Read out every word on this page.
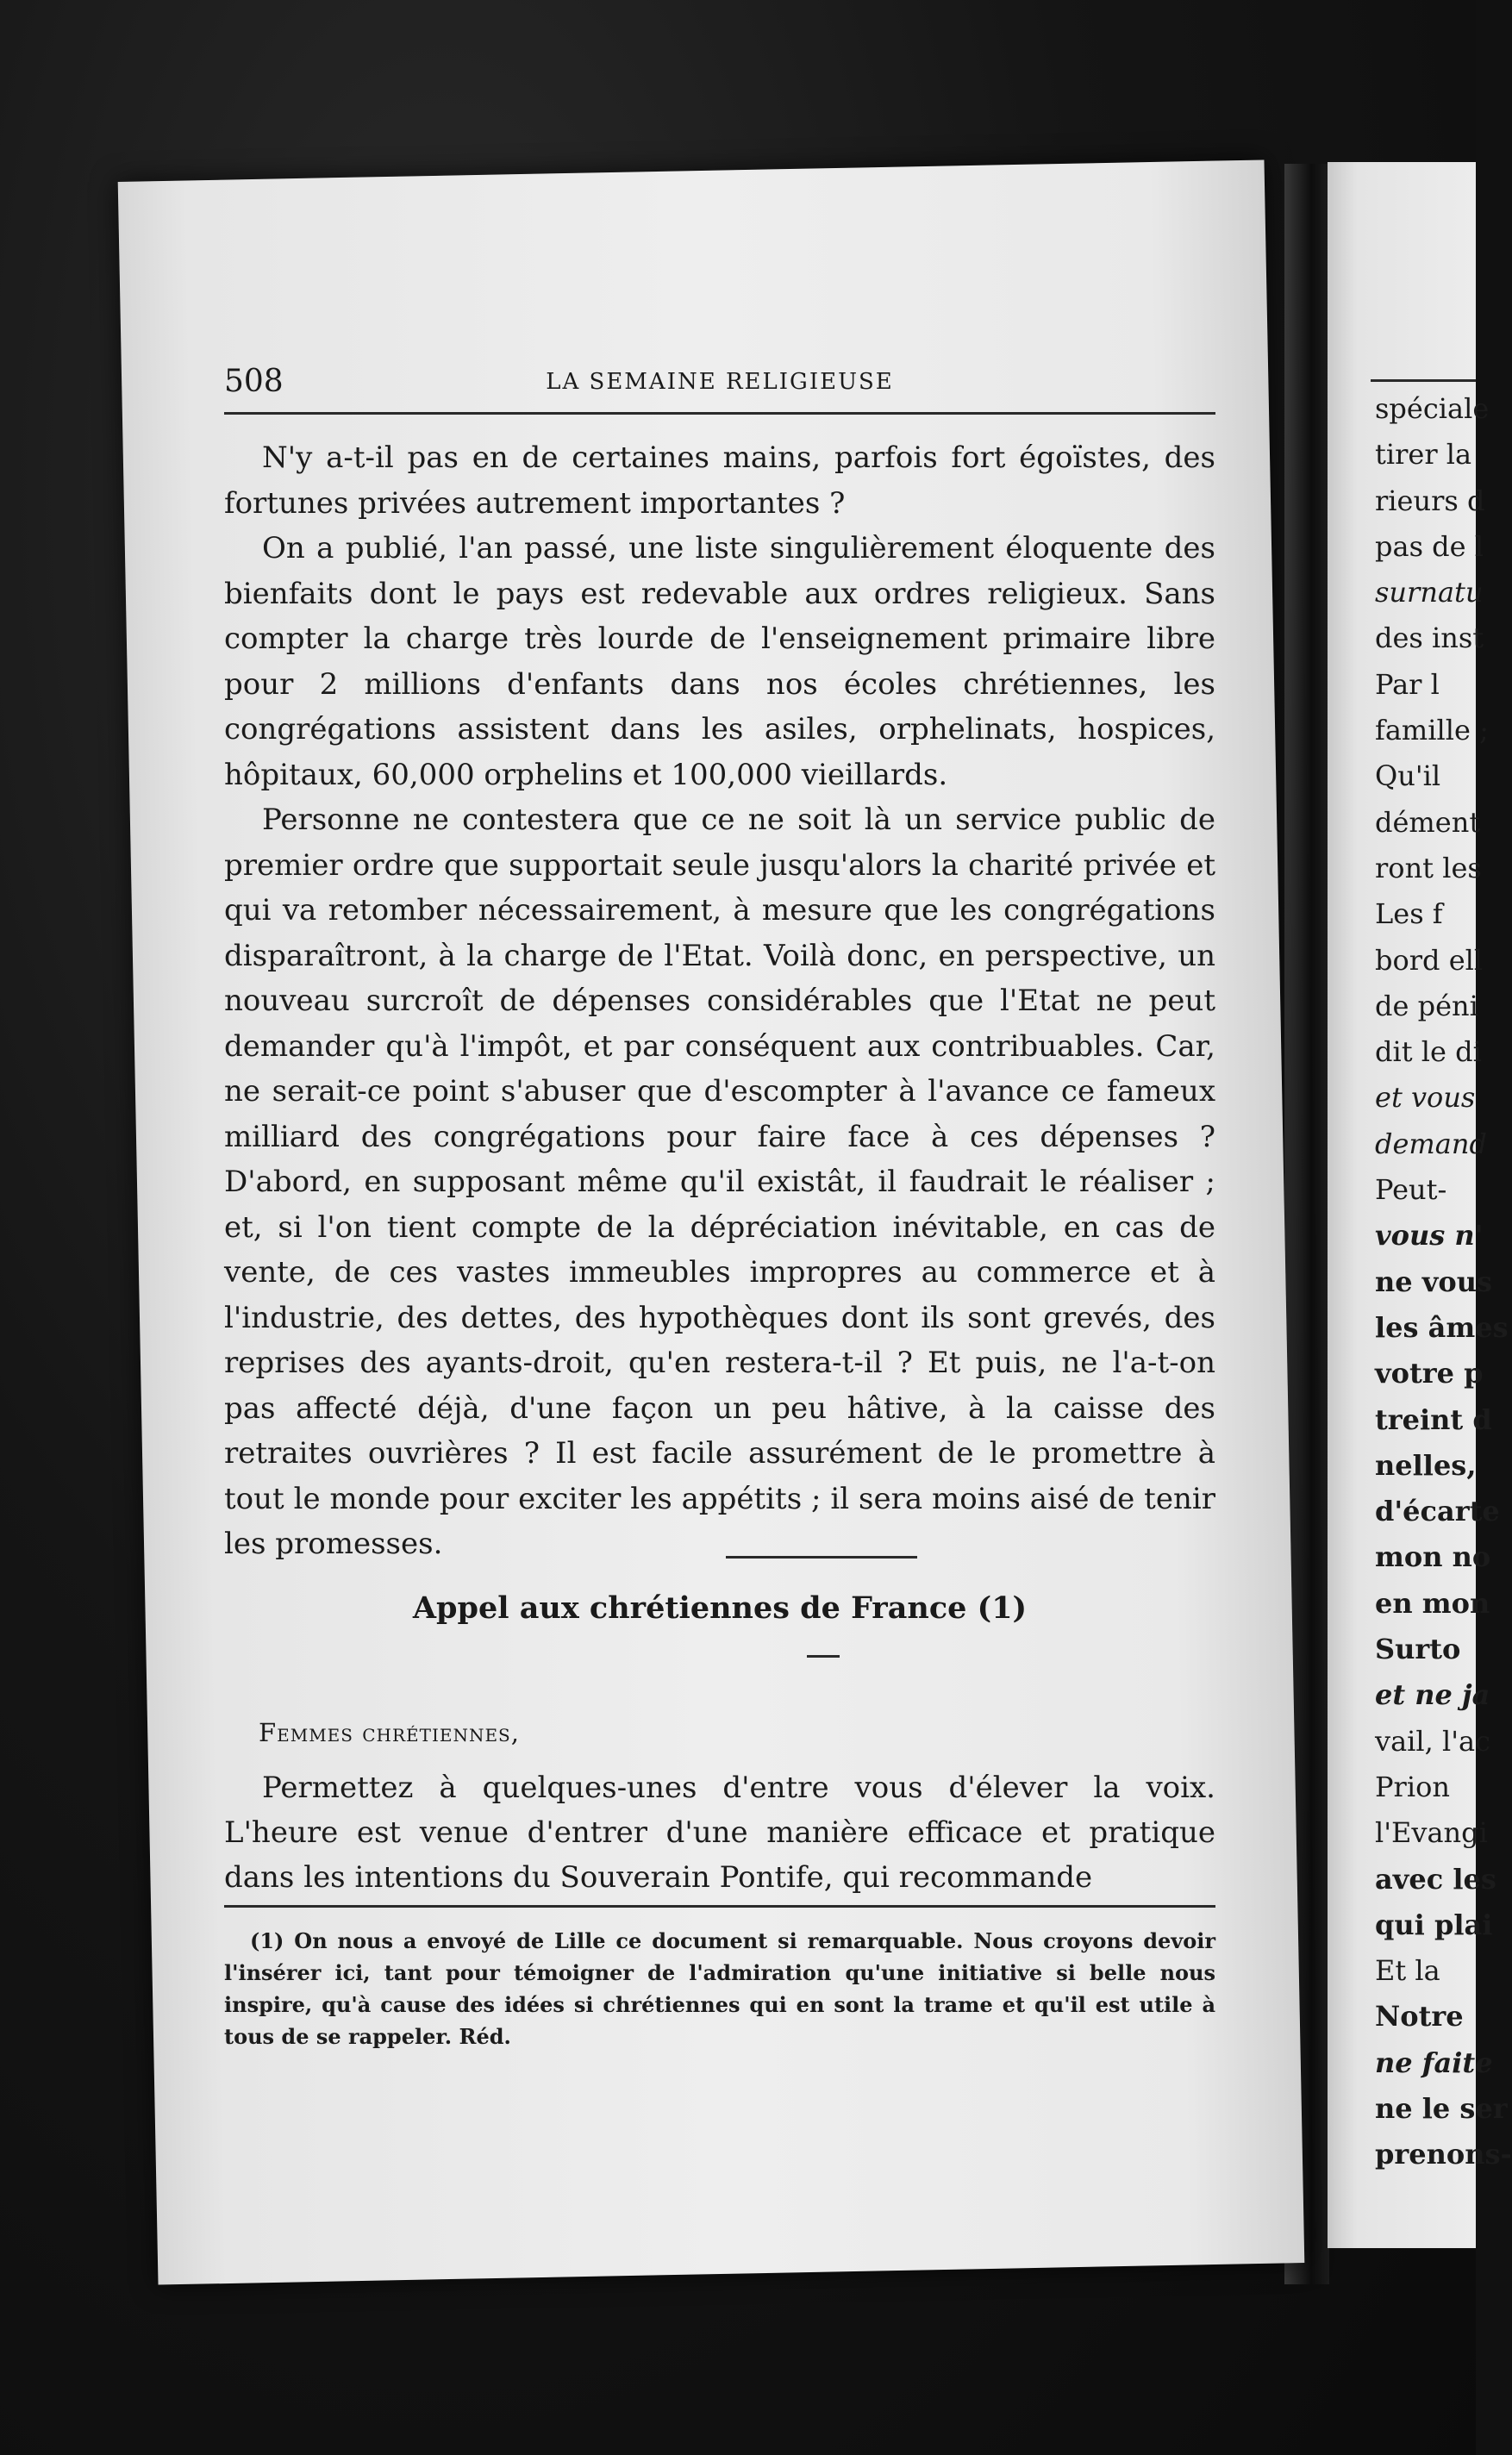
spéciale
tirer la
rieurs d
pas de l
surnatu
des inst
Par l
famille ;
Qu'il
dément
ront les
Les f
bord ell
de péni
dit le di
et vous
demand
Peut-
vous n'
ne vous
les âmes
votre p
treint d
nelles,
d'écarte
mon no
en mon
Surto
et ne ja
vail, l'ac
Prion
l'Evangi
avec les
qui plai
Et la
Notre
ne faite
ne le ser
prenons-
508	LA SEMAINE RELIGIEUSE

N'y a-t-il pas en de certaines mains, parfois fort égoïstes, des fortunes privées autrement importantes ?

On a publié, l'an passé, une liste singulièrement éloquente des bienfaits dont le pays est redevable aux ordres religieux. Sans compter la charge très lourde de l'enseignement primaire libre pour 2 millions d'enfants dans nos écoles chrétiennes, les congrégations assistent dans les asiles, orphelinats, hospices, hôpitaux, 60,000 orphelins et 100,000 vieillards.

Personne ne contestera que ce ne soit là un service public de premier ordre que supportait seule jusqu'alors la charité privée et qui va retomber nécessairement, à mesure que les congrégations disparaîtront, à la charge de l'Etat. Voilà donc, en perspective, un nouveau surcroît de dépenses considérables que l'Etat ne peut demander qu'à l'impôt, et par conséquent aux contribuables. Car, ne serait-ce point s'abuser que d'escompter à l'avance ce fameux milliard des congrégations pour faire face à ces dépenses ? D'abord, en supposant même qu'il existât, il faudrait le réaliser ; et, si l'on tient compte de la dépréciation inévitable, en cas de vente, de ces vastes immeubles impropres au commerce et à l'industrie, des dettes, des hypothèques dont ils sont grevés, des reprises des ayants-droit, qu'en restera-t-il ? Et puis, ne l'a-t-on pas affecté déjà, d'une façon un peu hâtive, à la caisse des retraites ouvrières ? Il est facile assurément de le promettre à tout le monde pour exciter les appétits ; il sera moins aisé de tenir les promesses.

Appel aux chrétiennes de France (1)
Femmes chrétiennes,

Permettez à quelques-unes d'entre vous d'élever la voix. L'heure est venue d'entrer d'une manière efficace et pratique dans les intentions du Souverain Pontife, qui recommande

(1) On nous a envoyé de Lille ce document si remarquable. Nous croyons devoir l'insérer ici, tant pour témoigner de l'admiration qu'une initiative si belle nous inspire, qu'à cause des idées si chrétiennes qui en sont la trame et qu'il est utile à tous de se rappeler. Réd.
